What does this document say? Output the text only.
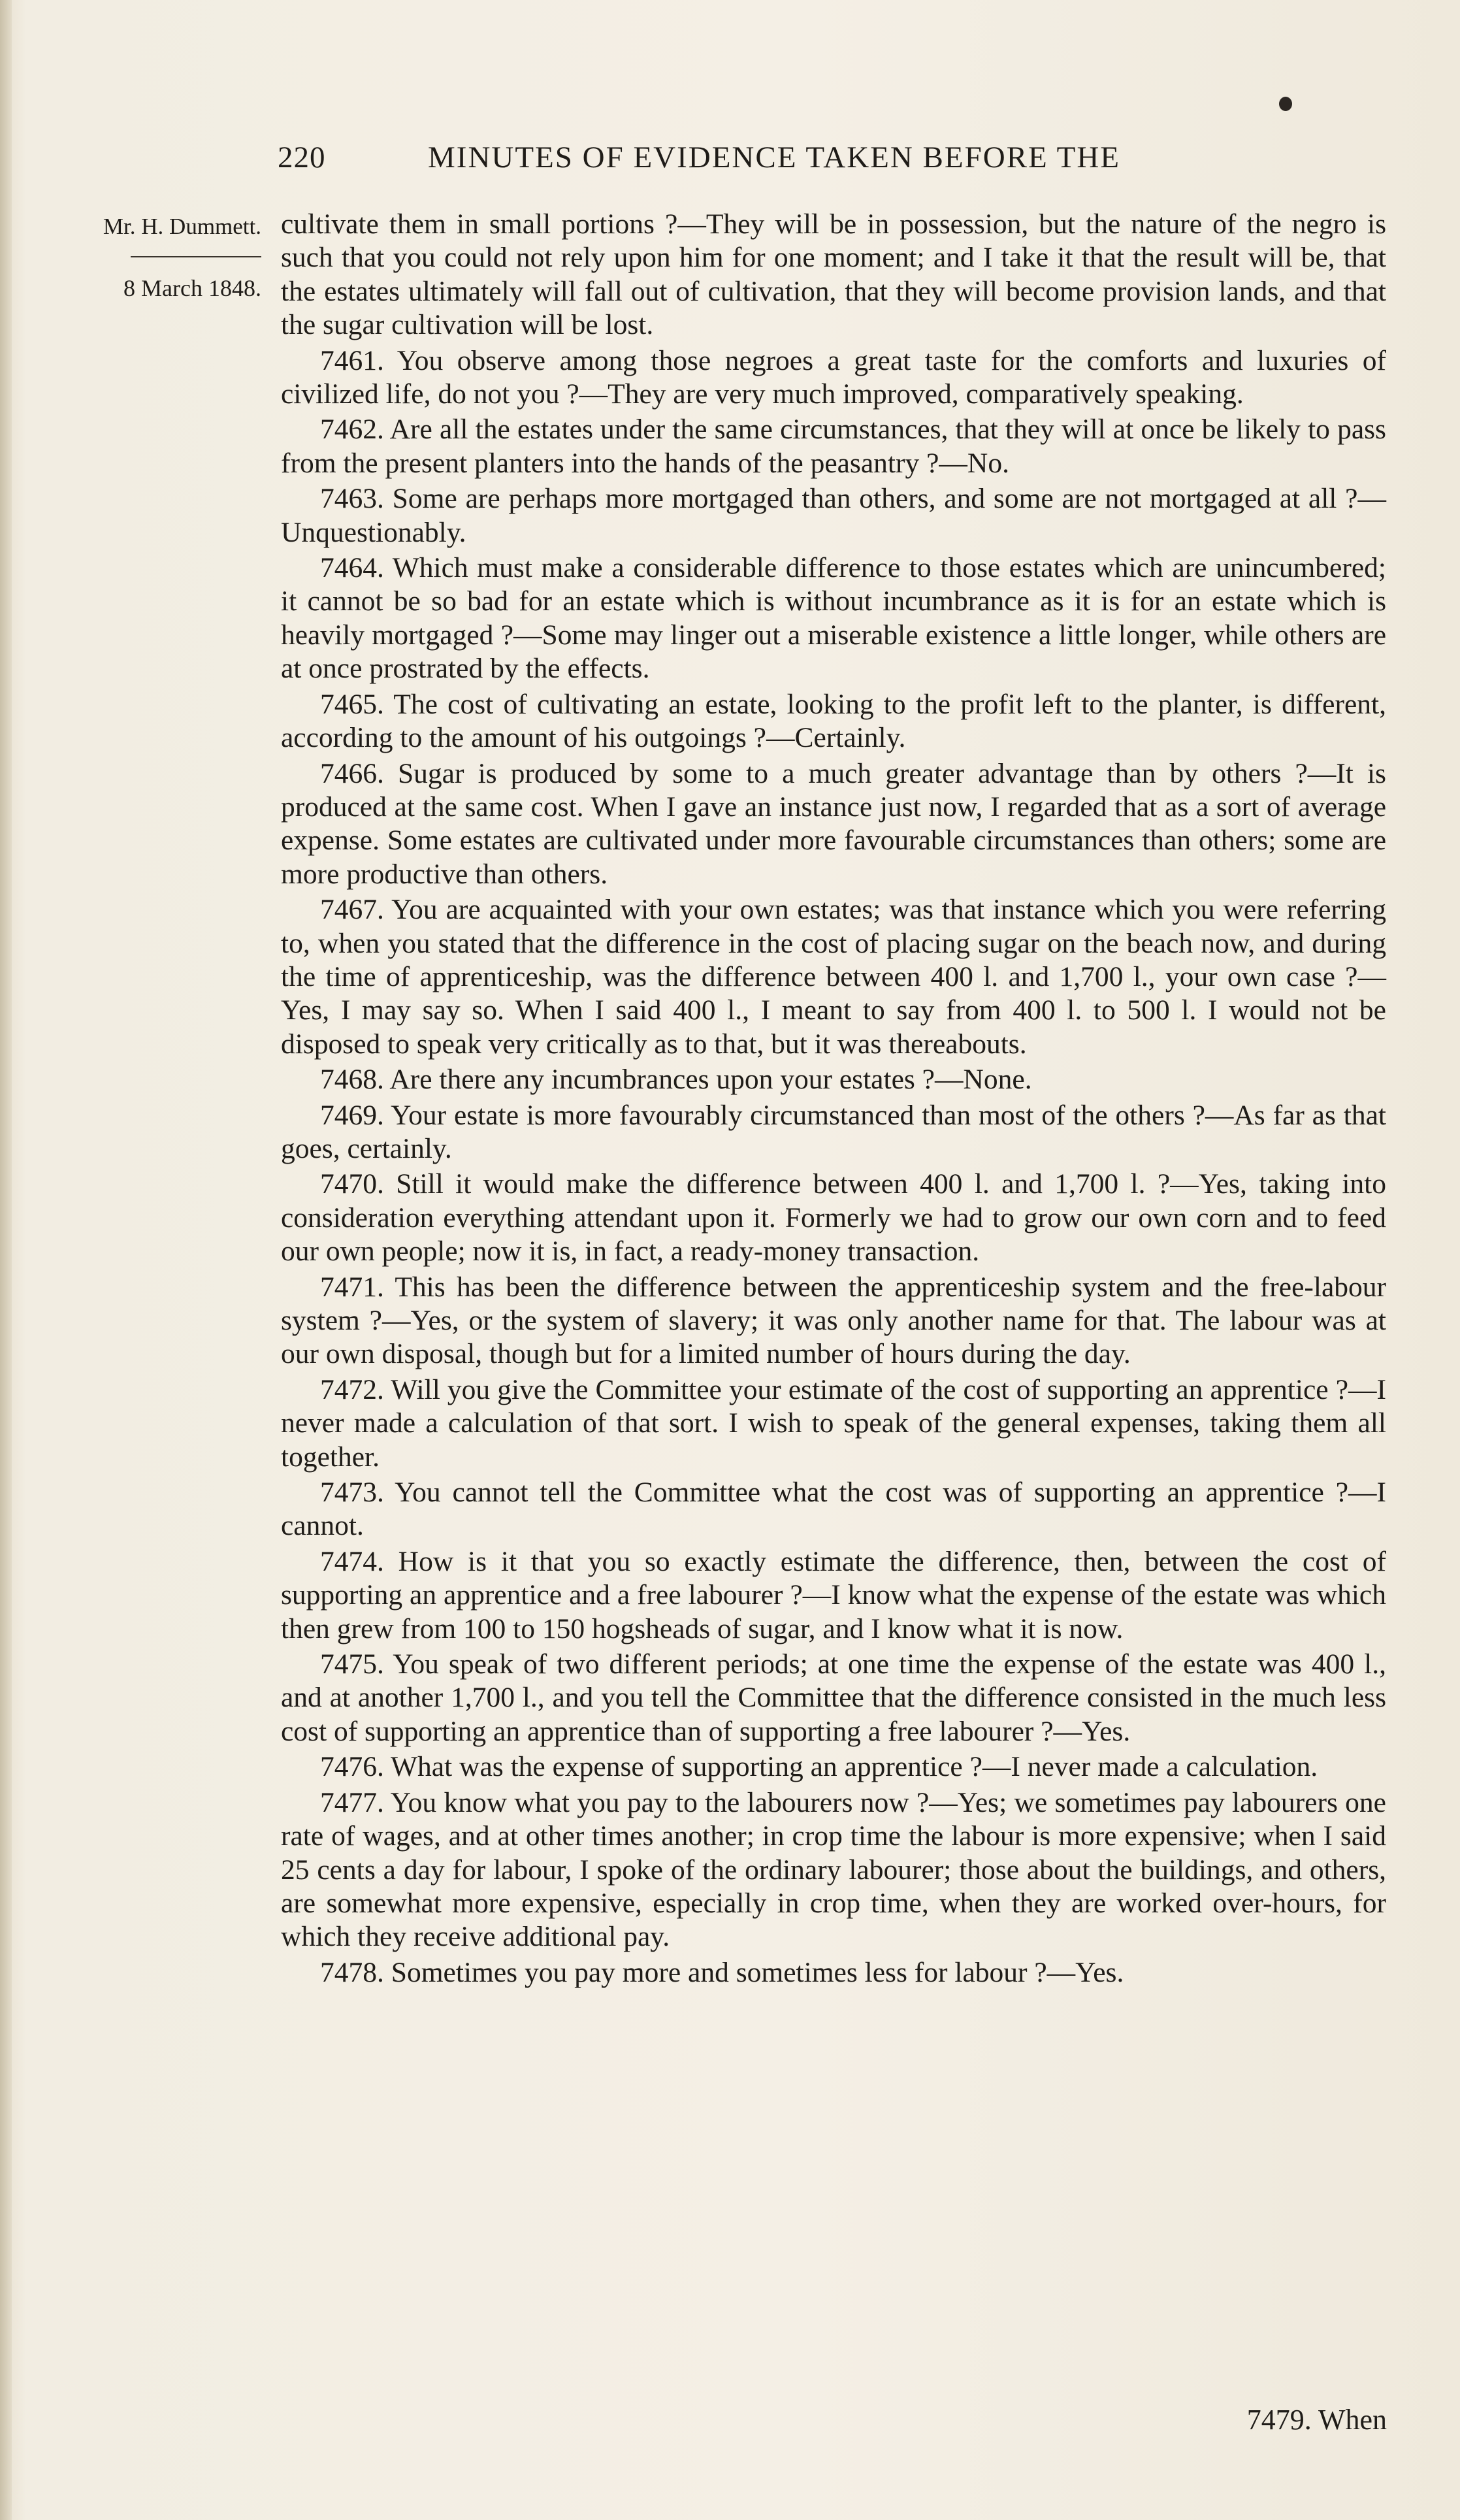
220	MINUTES OF EVIDENCE TAKEN BEFORE THE
Mr. H. Dummett.
8 March 1848.

cultivate them in small portions ?—They will be in possession, but the nature of the negro is such that you could not rely upon him for one moment; and I take it that the result will be, that the estates ultimately will fall out of cultivation, that they will become provision lands, and that the sugar cultivation will be lost.

7461. You observe among those negroes a great taste for the comforts and luxuries of civilized life, do not you ?—They are very much improved, comparatively speaking.

7462. Are all the estates under the same circumstances, that they will at once be likely to pass from the present planters into the hands of the peasantry ?—No.

7463. Some are perhaps more mortgaged than others, and some are not mortgaged at all ?—Unquestionably.

7464. Which must make a considerable difference to those estates which are unincumbered; it cannot be so bad for an estate which is without incumbrance as it is for an estate which is heavily mortgaged ?—Some may linger out a miserable existence a little longer, while others are at once prostrated by the effects.

7465. The cost of cultivating an estate, looking to the profit left to the planter, is different, according to the amount of his outgoings ?—Certainly.

7466. Sugar is produced by some to a much greater advantage than by others ?—It is produced at the same cost. When I gave an instance just now, I regarded that as a sort of average expense. Some estates are cultivated under more favourable circumstances than others; some are more productive than others.

7467. You are acquainted with your own estates; was that instance which you were referring to, when you stated that the difference in the cost of placing sugar on the beach now, and during the time of apprenticeship, was the difference between 400 l. and 1,700 l., your own case ?—Yes, I may say so. When I said 400 l., I meant to say from 400 l. to 500 l. I would not be disposed to speak very critically as to that, but it was thereabouts.

7468. Are there any incumbrances upon your estates ?—None.

7469. Your estate is more favourably circumstanced than most of the others ?—As far as that goes, certainly.

7470. Still it would make the difference between 400 l. and 1,700 l. ?—Yes, taking into consideration everything attendant upon it. Formerly we had to grow our own corn and to feed our own people; now it is, in fact, a ready-money transaction.

7471. This has been the difference between the apprenticeship system and the free-labour system ?—Yes, or the system of slavery; it was only another name for that. The labour was at our own disposal, though but for a limited number of hours during the day.

7472. Will you give the Committee your estimate of the cost of supporting an apprentice ?—I never made a calculation of that sort. I wish to speak of the general expenses, taking them all together.

7473. You cannot tell the Committee what the cost was of supporting an apprentice ?—I cannot.

7474. How is it that you so exactly estimate the difference, then, between the cost of supporting an apprentice and a free labourer ?—I know what the expense of the estate was which then grew from 100 to 150 hogsheads of sugar, and I know what it is now.

7475. You speak of two different periods; at one time the expense of the estate was 400 l., and at another 1,700 l., and you tell the Committee that the difference consisted in the much less cost of supporting an apprentice than of supporting a free labourer ?—Yes.

7476. What was the expense of supporting an apprentice ?—I never made a calculation.

7477. You know what you pay to the labourers now ?—Yes; we sometimes pay labourers one rate of wages, and at other times another; in crop time the labour is more expensive; when I said 25 cents a day for labour, I spoke of the ordinary labourer; those about the buildings, and others, are somewhat more expensive, especially in crop time, when they are worked over-hours, for which they receive additional pay.

7478. Sometimes you pay more and sometimes less for labour ?—Yes.

7479. When
